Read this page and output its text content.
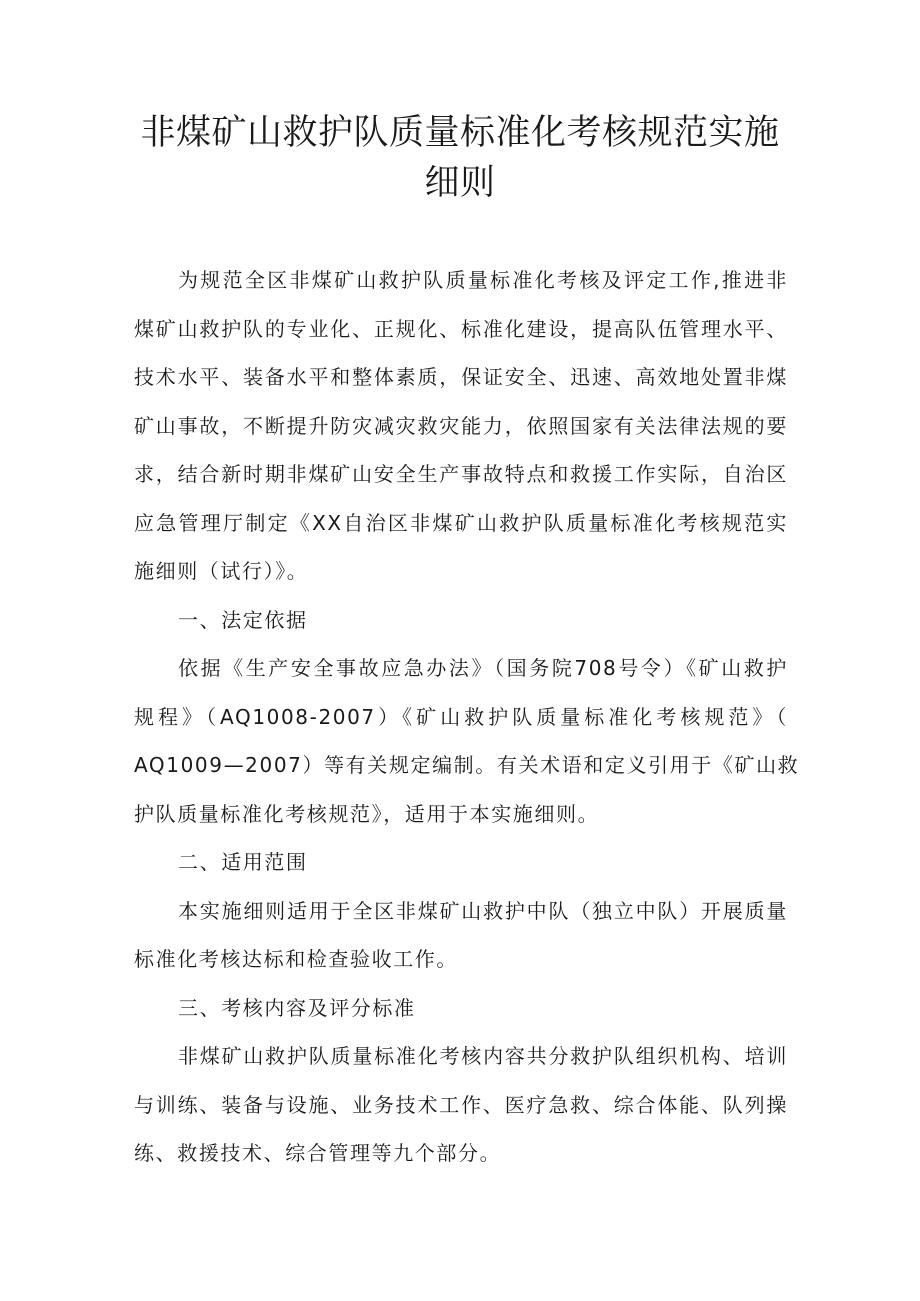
非煤矿山救护队质量标准化考核规范实施
细则
为规范全区非煤矿山救护队质量标准化考核及评定工作,推进非
煤矿山救护队的专业化、正规化、标准化建设，提高队伍管理水平、
技术水平、装备水平和整体素质，保证安全、迅速、高效地处置非煤
矿山事故，不断提升防灾减灾救灾能力，依照国家有关法律法规的要
求，结合新时期非煤矿山安全生产事故特点和救援工作实际，自治区
应急管理厅制定《XX自治区非煤矿山救护队质量标准化考核规范实
施细则（试行）》。
一、法定依据
依据《生产安全事故应急办法》（国务院708号令）《矿山救护
规程》（AQ1008-2007）《矿山救护队质量标准化考核规范》（
AQ1009—2007）等有关规定编制。有关术语和定义引用于《矿山救
护队质量标准化考核规范》，适用于本实施细则。
二、适用范围
本实施细则适用于全区非煤矿山救护中队（独立中队）开展质量
标准化考核达标和检查验收工作。
三、考核内容及评分标准
非煤矿山救护队质量标准化考核内容共分救护队组织机构、培训
与训练、装备与设施、业务技术工作、医疗急救、综合体能、队列操
练、救援技术、综合管理等九个部分。
